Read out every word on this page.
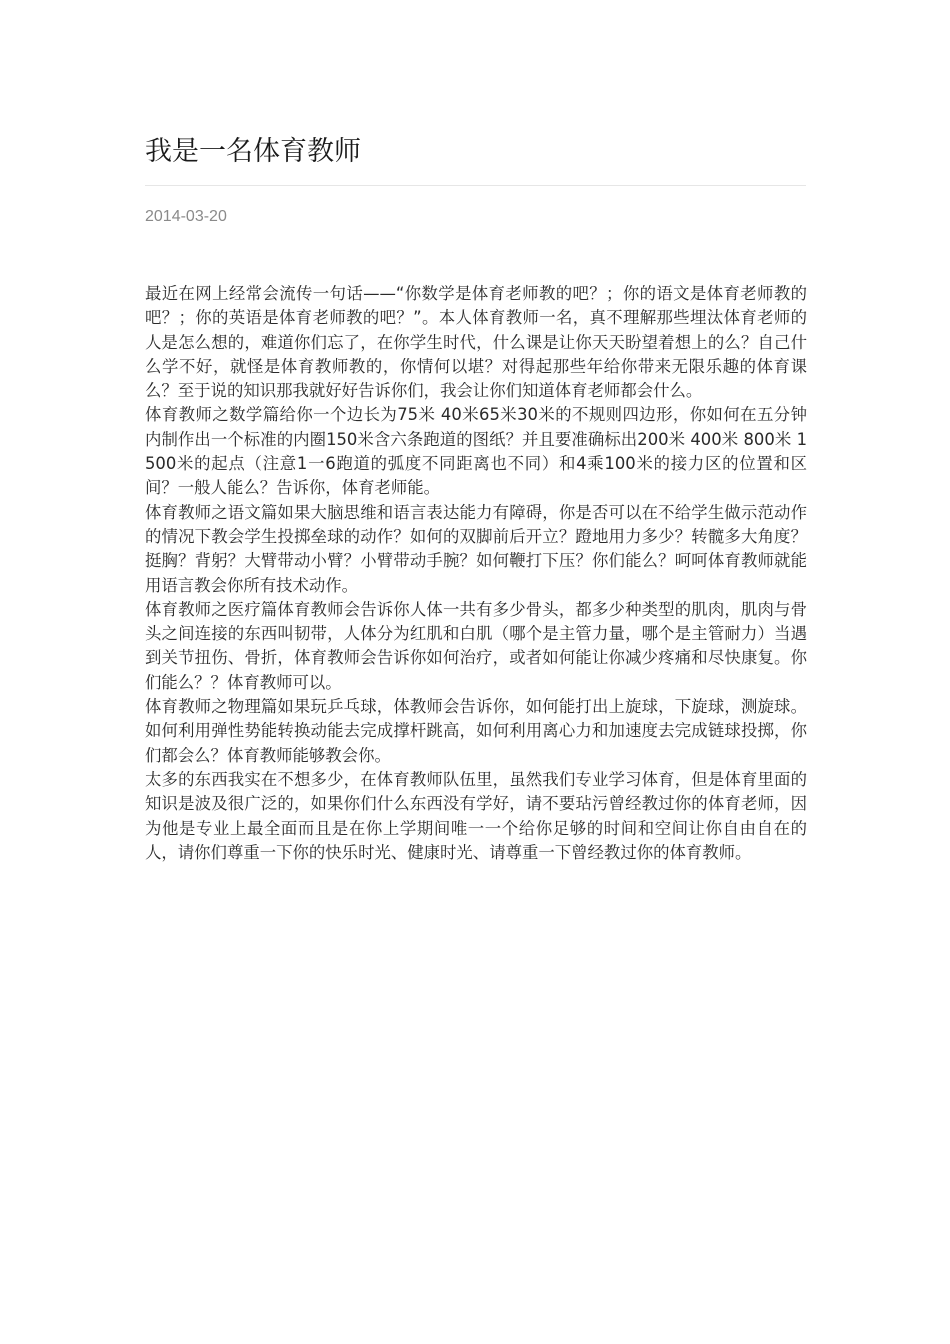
我是一名体育教师
2014-03-20

最近在网上经常会流传一句话——“你数学是体育老师教的吧？；你的语文是体育老师教的吧？；你的英语是体育老师教的吧？”。本人体育教师一名，真不理解那些埋汰体育老师的人是怎么想的，难道你们忘了，在你学生时代，什么课是让你天天盼望着想上的么？自己什么学不好，就怪是体育教师教的，你情何以堪？对得起那些年给你带来无限乐趣的体育课么？至于说的知识那我就好好告诉你们，我会让你们知道体育老师都会什么。

体育教师之数学篇给你一个边长为75米 40米65米30米的不规则四边形，你如何在五分钟内制作出一个标准的内圈150米含六条跑道的图纸？并且要准确标出200米 400米 800米 1500米的起点（注意1一6跑道的弧度不同距离也不同）和4乘100米的接力区的位置和区间？一般人能么？告诉你，体育老师能。

体育教师之语文篇如果大脑思维和语言表达能力有障碍，你是否可以在不给学生做示范动作的情况下教会学生投掷垒球的动作？如何的双脚前后开立？蹬地用力多少？转髋多大角度？挺胸？背躬？大臂带动小臂？小臂带动手腕？如何鞭打下压？你们能么？呵呵体育教师就能用语言教会你所有技术动作。

体育教师之医疗篇体育教师会告诉你人体一共有多少骨头，都多少种类型的肌肉，肌肉与骨头之间连接的东西叫韧带，人体分为红肌和白肌（哪个是主管力量，哪个是主管耐力）当遇到关节扭伤、骨折，体育教师会告诉你如何治疗，或者如何能让你减少疼痛和尽快康复。你们能么？？体育教师可以。

体育教师之物理篇如果玩乒乓球，体教师会告诉你，如何能打出上旋球，下旋球，测旋球。如何利用弹性势能转换动能去完成撑杆跳高，如何利用离心力和加速度去完成链球投掷，你们都会么？体育教师能够教会你。

太多的东西我实在不想多少，在体育教师队伍里，虽然我们专业学习体育，但是体育里面的知识是波及很广泛的，如果你们什么东西没有学好，请不要玷污曾经教过你的体育老师，因为他是专业上最全面而且是在你上学期间唯一一个给你足够的时间和空间让你自由自在的人，请你们尊重一下你的快乐时光、健康时光、请尊重一下曾经教过你的体育教师。
